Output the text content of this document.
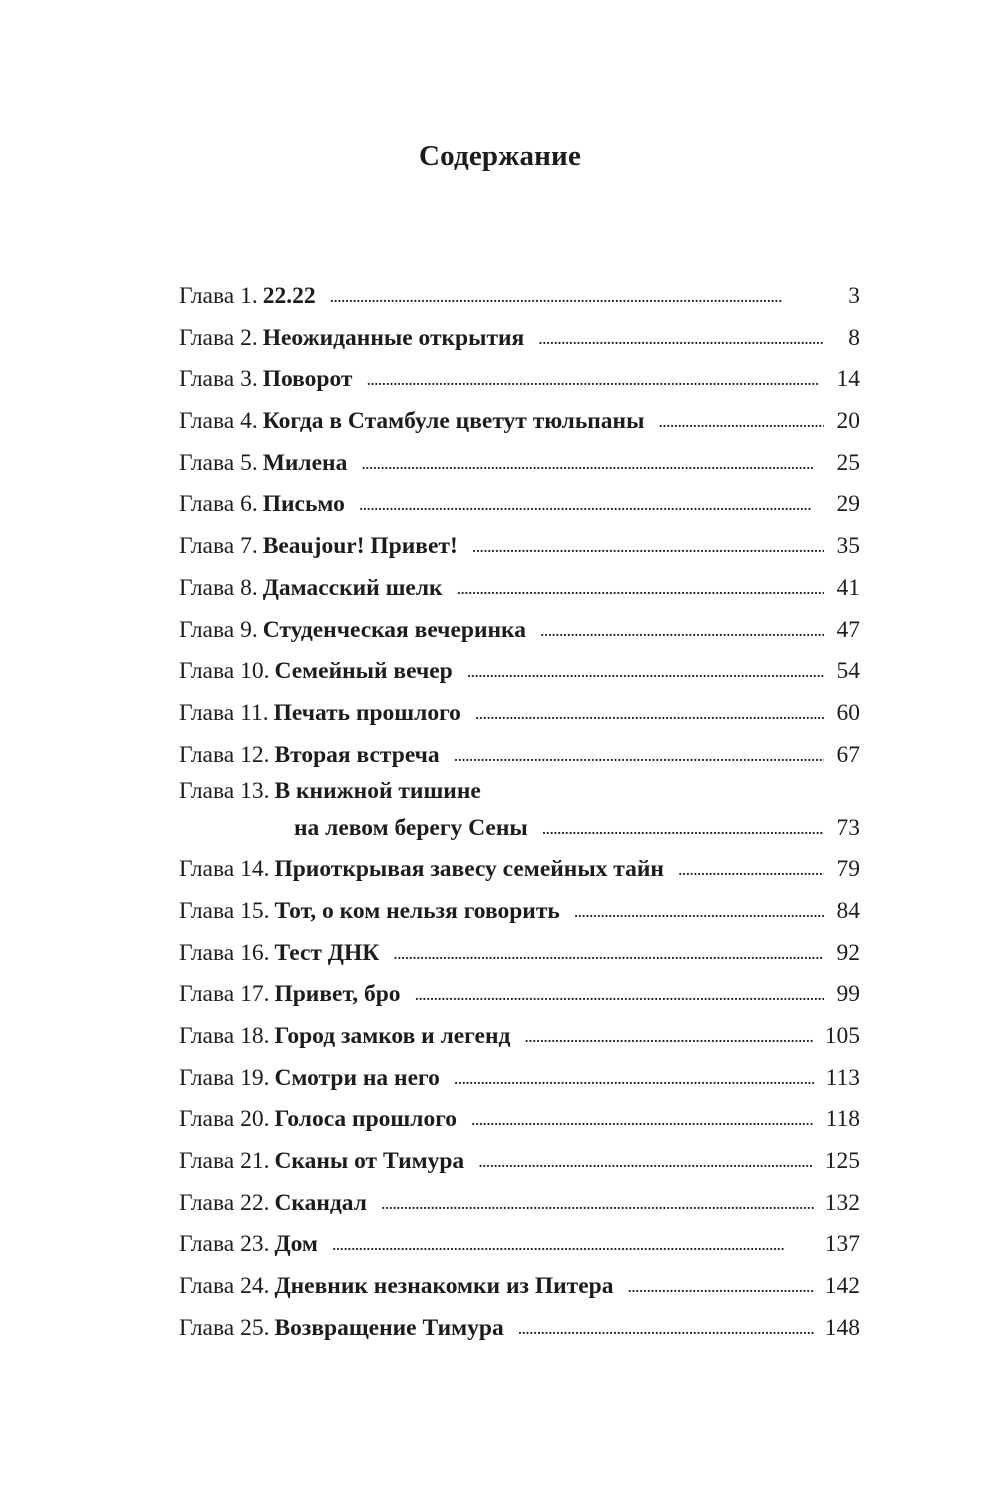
Содержание
Глава 1. 22.22 . . .	3
Глава 2. Неожиданные открытия . . .	8
Глава 3. Поворот . . .	14
Глава 4. Когда в Стамбуле цветут тюльпаны . . .	20
Глава 5. Милена . . .	25
Глава 6. Письмо . . .	29
Глава 7. Beaujour! Привет! . . .	35
Глава 8. Дамасский шелк . . .	41
Глава 9. Студенческая вечеринка . . .	47
Глава 10. Семейный вечер . . .	54
Глава 11. Печать прошлого . . .	60
Глава 12. Вторая встреча . . .	67
Глава 13. В книжной тишине
на левом берегу Сены . . .	73
Глава 14. Приоткрывая завесу семейных тайн . . .	79
Глава 15. Тот, о ком нельзя говорить . . .	84
Глава 16. Тест ДНК . . .	92
Глава 17. Привет, бро . . .	99
Глава 18. Город замков и легенд . . .	105
Глава 19. Смотри на него . . .	113
Глава 20. Голоса прошлого . . .	118
Глава 21. Сканы от Тимура . . .	125
Глава 22. Скандал . . .	132
Глава 23. Дом . . .	137
Глава 24. Дневник незнакомки из Питера . . .	142
Глава 25. Возвращение Тимура . . .	148
